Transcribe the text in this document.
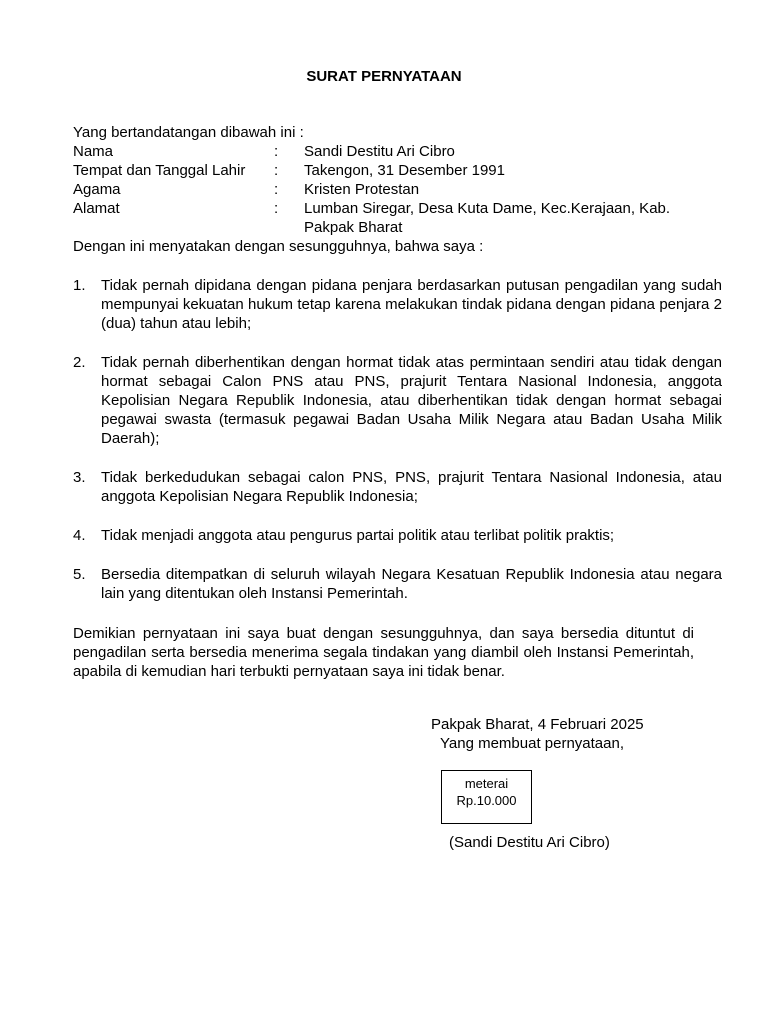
SURAT PERNYATAAN
Yang bertandatangan dibawah ini :
Nama	: Sandi Destitu Ari Cibro
Tempat dan Tanggal Lahir : Takengon, 31 Desember 1991
Agama	: Kristen Protestan
Alamat	: Lumban Siregar, Desa Kuta Dame, Kec.Kerajaan, Kab. Pakpak Bharat
Dengan ini menyatakan dengan sesungguhnya, bahwa saya :
1. Tidak pernah dipidana dengan pidana penjara berdasarkan putusan pengadilan yang sudah mempunyai kekuatan hukum tetap karena melakukan tindak pidana dengan pidana penjara 2 (dua) tahun atau lebih;
2. Tidak pernah diberhentikan dengan hormat tidak atas permintaan sendiri atau tidak dengan hormat sebagai Calon PNS atau PNS, prajurit Tentara Nasional Indonesia, anggota Kepolisian Negara Republik Indonesia, atau diberhentikan tidak dengan hormat sebagai pegawai swasta (termasuk pegawai Badan Usaha Milik Negara atau Badan Usaha Milik Daerah);
3. Tidak berkedudukan sebagai calon PNS, PNS, prajurit Tentara Nasional Indonesia, atau anggota Kepolisian Negara Republik Indonesia;
4. Tidak menjadi anggota atau pengurus partai politik atau terlibat politik praktis;
5. Bersedia ditempatkan di seluruh wilayah Negara Kesatuan Republik Indonesia atau negara lain yang ditentukan oleh Instansi Pemerintah.
Demikian pernyataan ini saya buat dengan sesungguhnya, dan saya bersedia dituntut di pengadilan serta bersedia menerima segala tindakan yang diambil oleh Instansi Pemerintah, apabila di kemudian hari terbukti pernyataan saya ini tidak benar.
Pakpak Bharat, 4 Februari 2025
Yang membuat pernyataan,
meterai
Rp.10.000
(Sandi Destitu Ari Cibro)
